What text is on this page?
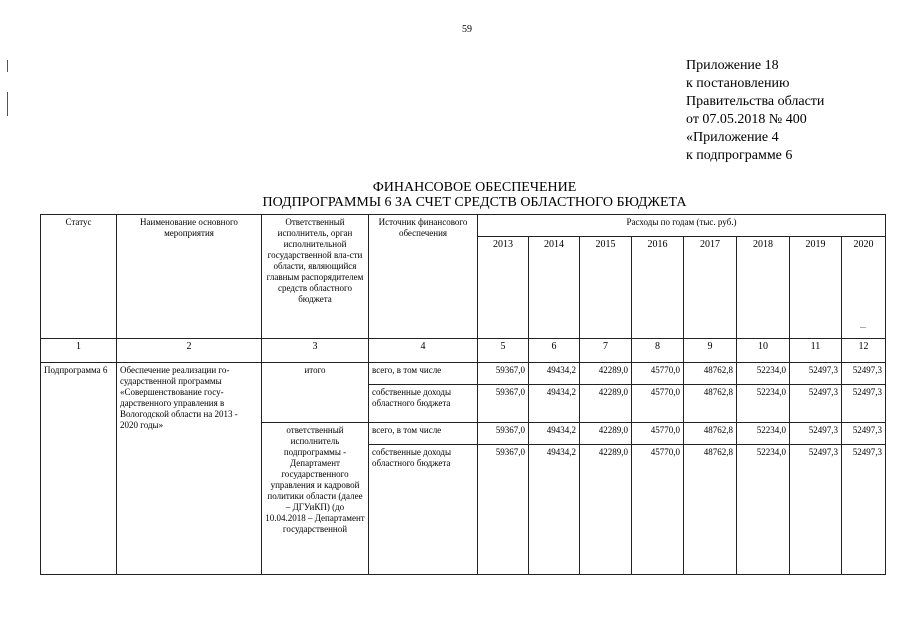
59
Приложение 18
к постановлению
Правительства области
от 07.05.2018 № 400
«Приложение 4
к подпрограмме 6
ФИНАНСОВОЕ ОБЕСПЕЧЕНИЕ
ПОДПРОГРАММЫ 6 ЗА СЧЕТ СРЕДСТВ ОБЛАСТНОГО БЮДЖЕТА
Статус	Наименование основного мероприятия	Ответственный исполнитель, орган исполнительной государственной вла-сти области, являющийся главным распорядителем средств областного бюджета	Источник финансового обеспечения	Расходы по годам (тыс. руб.)							
				2013	2014	2015	2016	2017	2018	2019	2020
1	2	3	4	5	6	7	8	9	10	11	12
Подпрограмма 6	Обеспечение реализации го-сударственной программы «Совершенствование госу-дарственного управления в Вологодской области на 2013 - 2020 годы»	итого	всего, в том числе	59367,0	49434,2	42289,0	45770,0	48762,8	52234,0	52497,3	52497,3
			собственные доходы областного бюджета	59367,0	49434,2	42289,0	45770,0	48762,8	52234,0	52497,3	52497,3
		ответственный исполнитель подпрограммы - Департамент государственного управления и кадровой политики области (далее – ДГУиКП) (до 10.04.2018 – Департамент государственной	всего, в том числе	59367,0	49434,2	42289,0	45770,0	48762,8	52234,0	52497,3	52497,3
			собственные доходы областного бюджета	59367,0	49434,2	42289,0	45770,0	48762,8	52234,0	52497,3	52497,3
